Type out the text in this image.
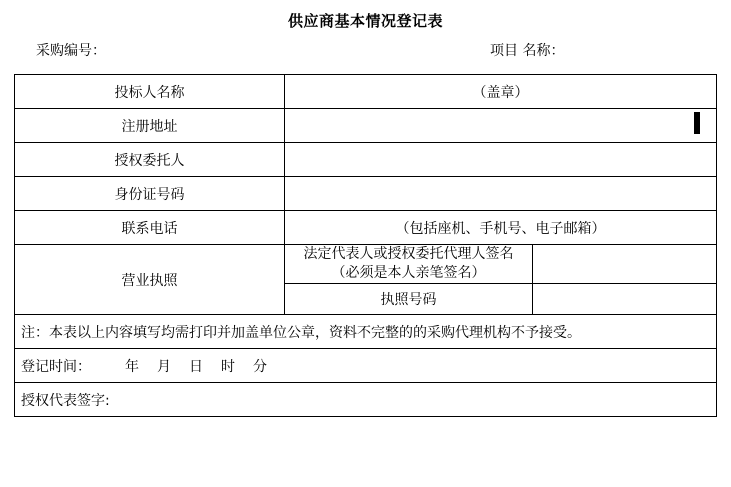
供应商基本情况登记表
采购编号：	项目 名称：
投标人名称	（盖章）	
注册地址		
授权委托人		
身份证号码		
联系电话	（包括座机、手机号、电子邮箱）	
营业执照	法定代表人或授权委托代理人签名（必须是本人亲笔签名）	
	执照号码	
注：本表以上内容填写均需打印并加盖单位公章，资料不完整的的采购代理机构不予接受。		
登记时间： 年 月 日 时 分		
授权代表签字:		
